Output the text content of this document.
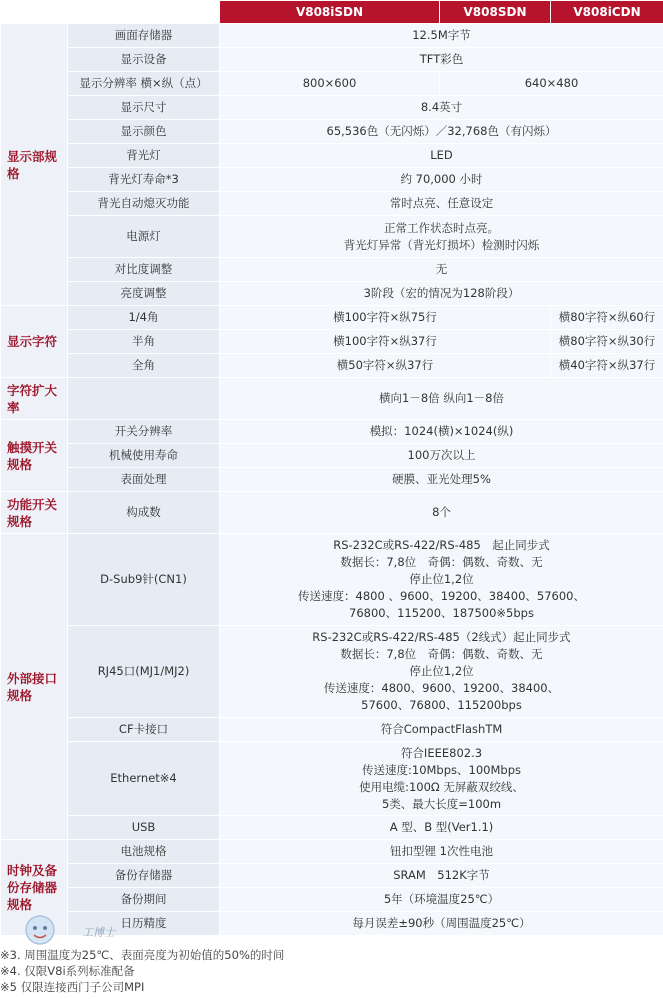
		V808iSDN	V808SDN	V808iCDN	
显示部规格	画面存储器	12.5M字节	
	显示设备	TFT彩色			
	显示分辨率 横×纵（点）	800×600	640×480		
	显示尺寸	8.4英寸			
	显示颜色	65,536色（无闪烁）／32,768色（有闪烁）			
	背光灯	LED			
	背光灯寿命*3	约 70,000 小时			
	背光自动熄灭功能	常时点亮、任意设定			
	电源灯	正常工作状态时点亮。
背光灯异常（背光灯损坏）检测时闪烁			

	对比度调整	无			
	亮度调整	3阶段（宏的情况为128阶段）			
显示字符	1/4角	横100字符×纵75行		横80字符×纵60行	
	半角	横100字符×纵37行		横80字符×纵30行	
	全角	横50字符×纵37行		横40字符×纵37行	
字符扩大率		横向1－8倍 纵向1－8倍			
触摸开关规格	开关分辨率	模拟：1024(横)×1024(纵)			
	机械使用寿命	100万次以上			
	表面处理	硬膜、亚光处理5%			
功能开关规格	构成数	8个			
外部接口规格	D-Sub9针(CN1)	RS-232C或RS-422/RS-485　起止同步式
数据长：7,8位　奇偶：偶数、奇数、无
停止位1,2位
传送速度：4800 、9600、19200、38400、57600、
76800、115200、187500※5bps			

	RJ45口(MJ1/MJ2)	RS-232C或RS-422/RS-485（2线式）起止同步式
数据长：7,8位　奇偶：偶数、奇数、无
停止位1,2位
传送速度：4800、9600、19200、38400、
57600、76800、115200bps			

	CF卡接口	符合CompactFlashTM			
	Ethernet※4	符合IEEE802.3
传送速度:10Mbps、100Mbps
使用电缆:100Ω 无屏蔽双绞线、
5类、最大长度=100m			

	USB	A 型、B 型(Ver1.1)			
时钟及备份存储器规格	电池规格	钮扣型锂 1次性电池			
	备份存储器	SRAM　512K字节			
	备份期间	5年（环境温度25℃）			
	日历精度	每月误差±90秒（周围温度25℃）			
工博士
※3. 周围温度为25℃、表面亮度为初始值的50%的时间
※4. 仅限V8i系列标准配备
※5 仅限连接西门子公司MPI
